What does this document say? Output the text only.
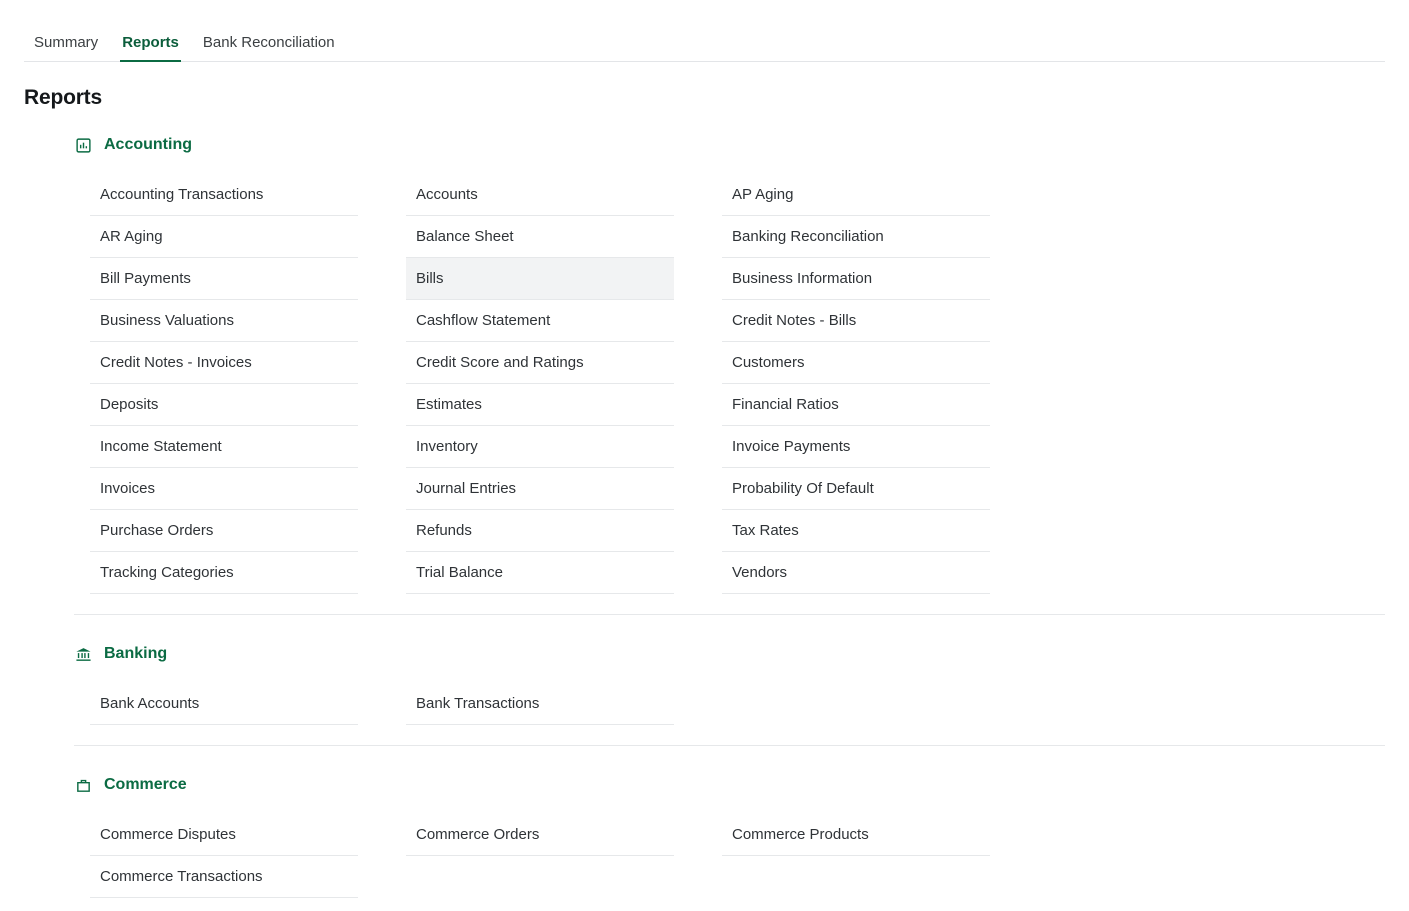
Summary	Reports	Bank Reconciliation
Reports
Accounting
Accounting Transactions
AR Aging
Bill Payments
Business Valuations
Credit Notes - Invoices
Deposits
Income Statement
Invoices
Purchase Orders
Tracking Categories
Accounts
Balance Sheet
Bills
Cashflow Statement
Credit Score and Ratings
Estimates
Inventory
Journal Entries
Refunds
Trial Balance
AP Aging
Banking Reconciliation
Business Information
Credit Notes - Bills
Customers
Financial Ratios
Invoice Payments
Probability Of Default
Tax Rates
Vendors
Banking
Bank Accounts	Bank Transactions
Commerce
Commerce Disputes
Commerce Transactions
Commerce Orders	Commerce Products
